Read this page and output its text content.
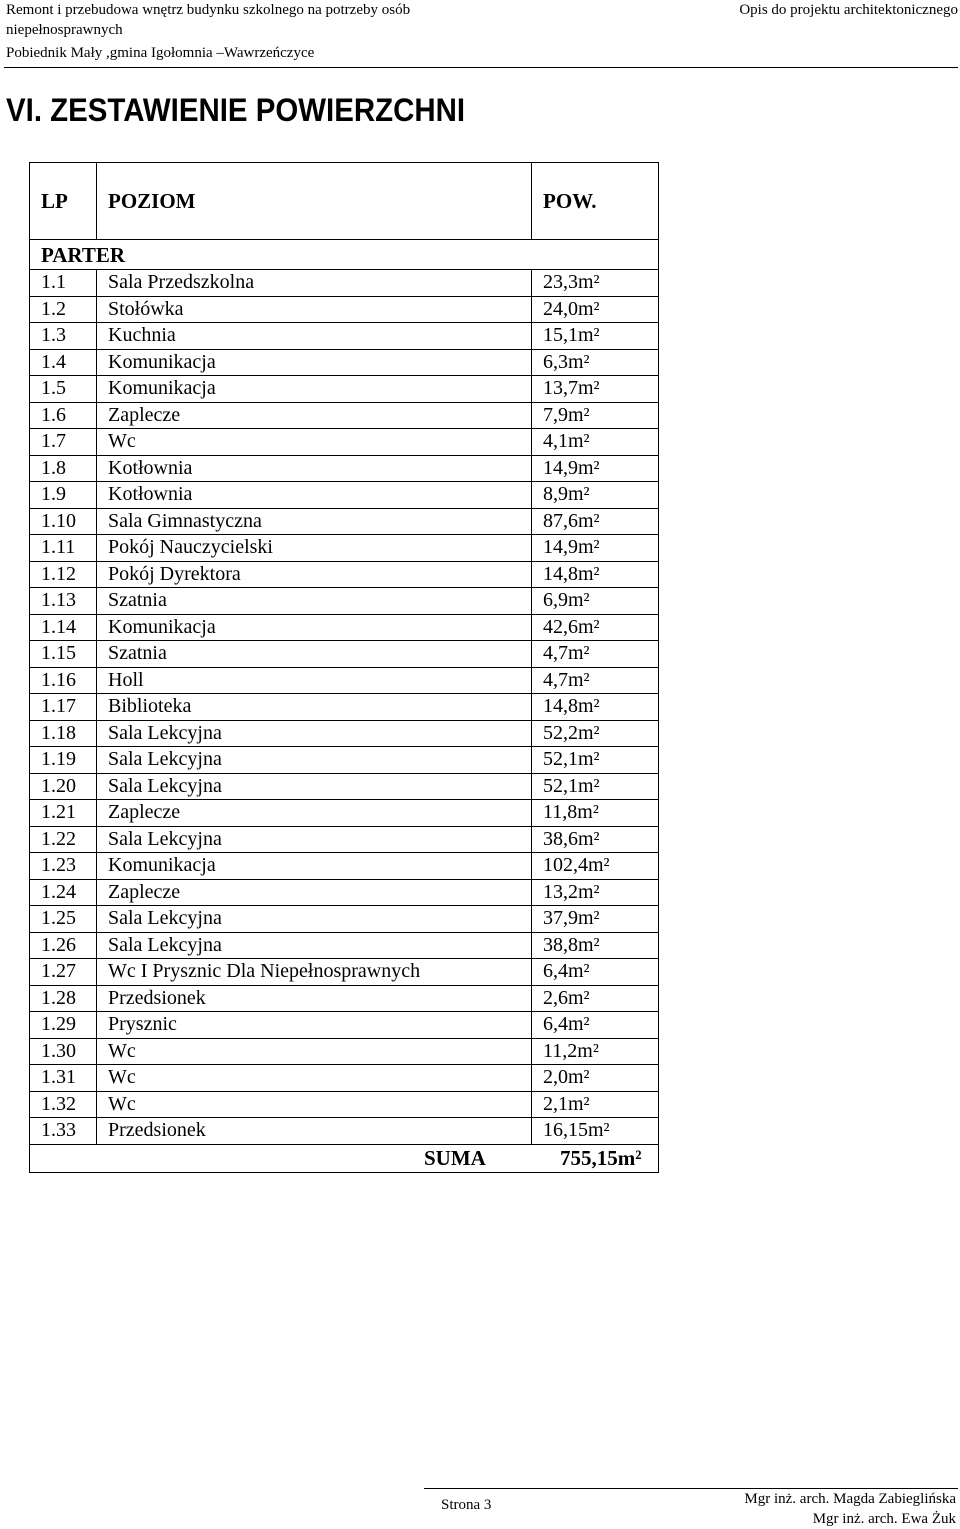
Remont i przebudowa wnętrz budynku szkolnego na potrzeby osób
niepełnosprawnych
Pobiednik Mały ,gmina Igołomnia –Wawrzeńczyce
Opis do projektu architektonicznego
VI. ZESTAWIENIE POWIERZCHNI
LP	POZIOM	POW.
PARTER		
1.1	Sala Przedszkolna	23,3m²
1.2	Stołówka	24,0m²
1.3	Kuchnia	15,1m²
1.4	Komunikacja	6,3m²
1.5	Komunikacja	13,7m²
1.6	Zaplecze	7,9m²
1.7	Wc	4,1m²
1.8	Kotłownia	14,9m²
1.9	Kotłownia	8,9m²
1.10	Sala Gimnastyczna	87,6m²
1.11	Pokój Nauczycielski	14,9m²
1.12	Pokój Dyrektora	14,8m²
1.13	Szatnia	6,9m²
1.14	Komunikacja	42,6m²
1.15	Szatnia	4,7m²
1.16	Holl	4,7m²
1.17	Biblioteka	14,8m²
1.18	Sala Lekcyjna	52,2m²
1.19	Sala Lekcyjna	52,1m²
1.20	Sala Lekcyjna	52,1m²
1.21	Zaplecze	11,8m²
1.22	Sala Lekcyjna	38,6m²
1.23	Komunikacja	102,4m²
1.24	Zaplecze	13,2m²
1.25	Sala Lekcyjna	37,9m²
1.26	Sala Lekcyjna	38,8m²
1.27	Wc I Prysznic Dla Niepełnosprawnych	6,4m²
1.28	Przedsionek	2,6m²
1.29	Prysznic	6,4m²
1.30	Wc	11,2m²
1.31	Wc	2,0m²
1.32	Wc	2,1m²
1.33	Przedsionek	16,15m²

SUMA 755,15m²		
Strona 3	Mgr inż. arch. Magda Zabieglińska
Mgr inż. arch. Ewa Żuk
